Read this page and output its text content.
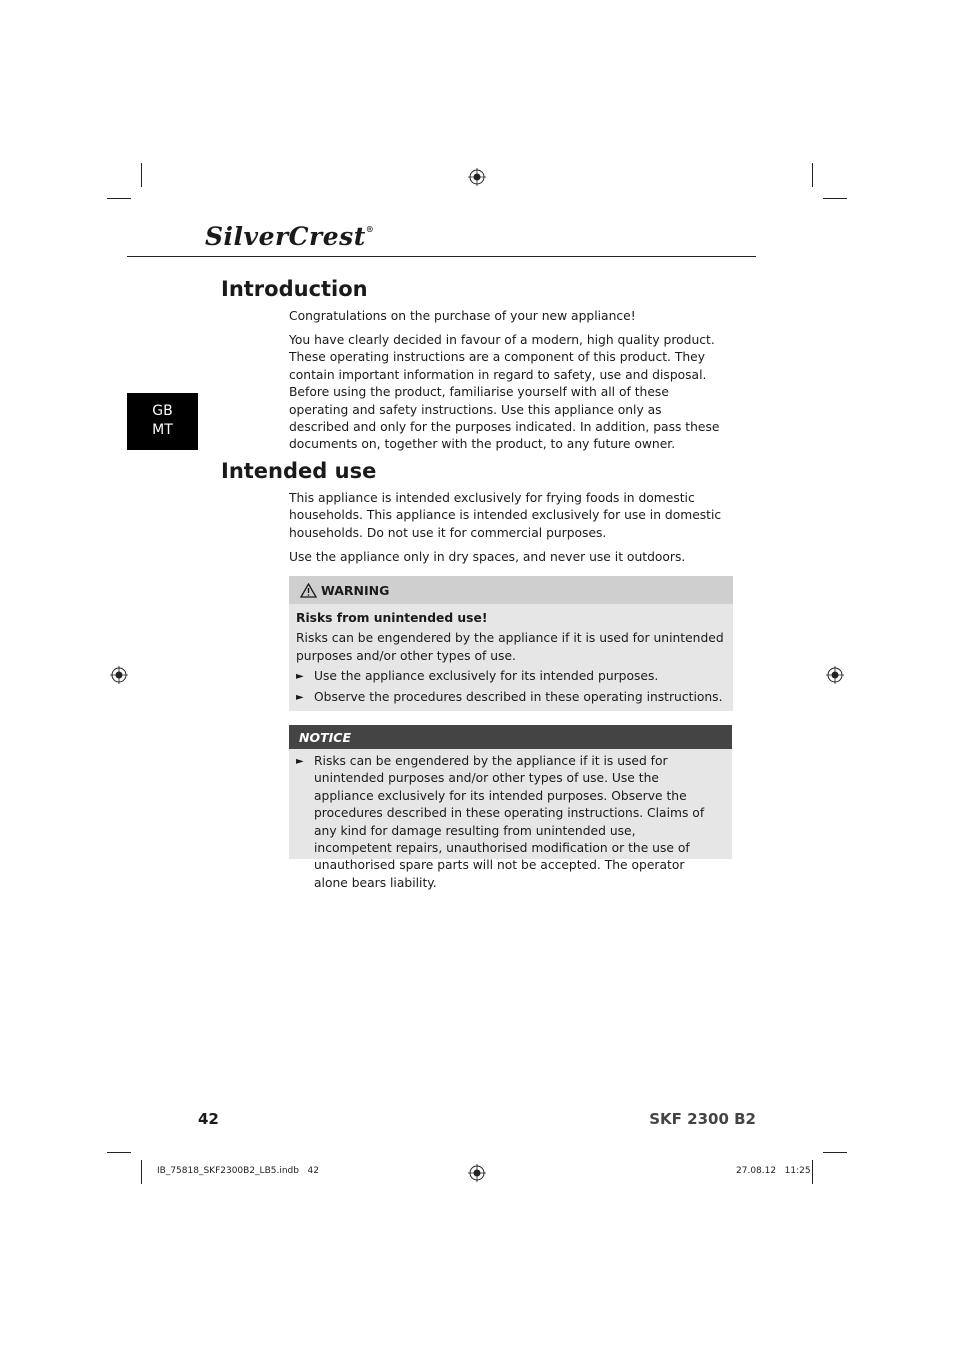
SilverCrest®
GB
MT
Introduction

Congratulations on the purchase of your new appliance!

You have clearly decided in favour of a modern, high quality product. These operating instructions are a component of this product. They contain important information in regard to safety, use and disposal. Before using the product, familiarise yourself with all of these operating and safety instructions. Use this appliance only as described and only for the purposes indicated. In addition, pass these documents on, together with the product, to any future owner.

Intended use

This appliance is intended exclusively for frying foods in domestic households. This appliance is intended exclusively for use in domestic households. Do not use it for commercial purposes.

Use the appliance only in dry spaces, and never use it outdoors.

WARNING
Risks from unintended use!
Risks can be engendered by the appliance if it is used for unintended purposes and/or other types of use.
► Use the appliance exclusively for its intended purposes.
► Observe the procedures described in these operating instructions.
NOTICE
► Risks can be engendered by the appliance if it is used for unintended purposes and/or other types of use. Use the appliance exclusively for its intended purposes. Observe the procedures described in these operating instructions. Claims of any kind for damage resulting from unintended use, incompetent repairs, unauthorised modification or the use of unauthorised spare parts will not be accepted. The operator alone bears liability.
42	SKF 2300 B2
IB_75818_SKF2300B2_LB5.indb   42	27.08.12   11:25
